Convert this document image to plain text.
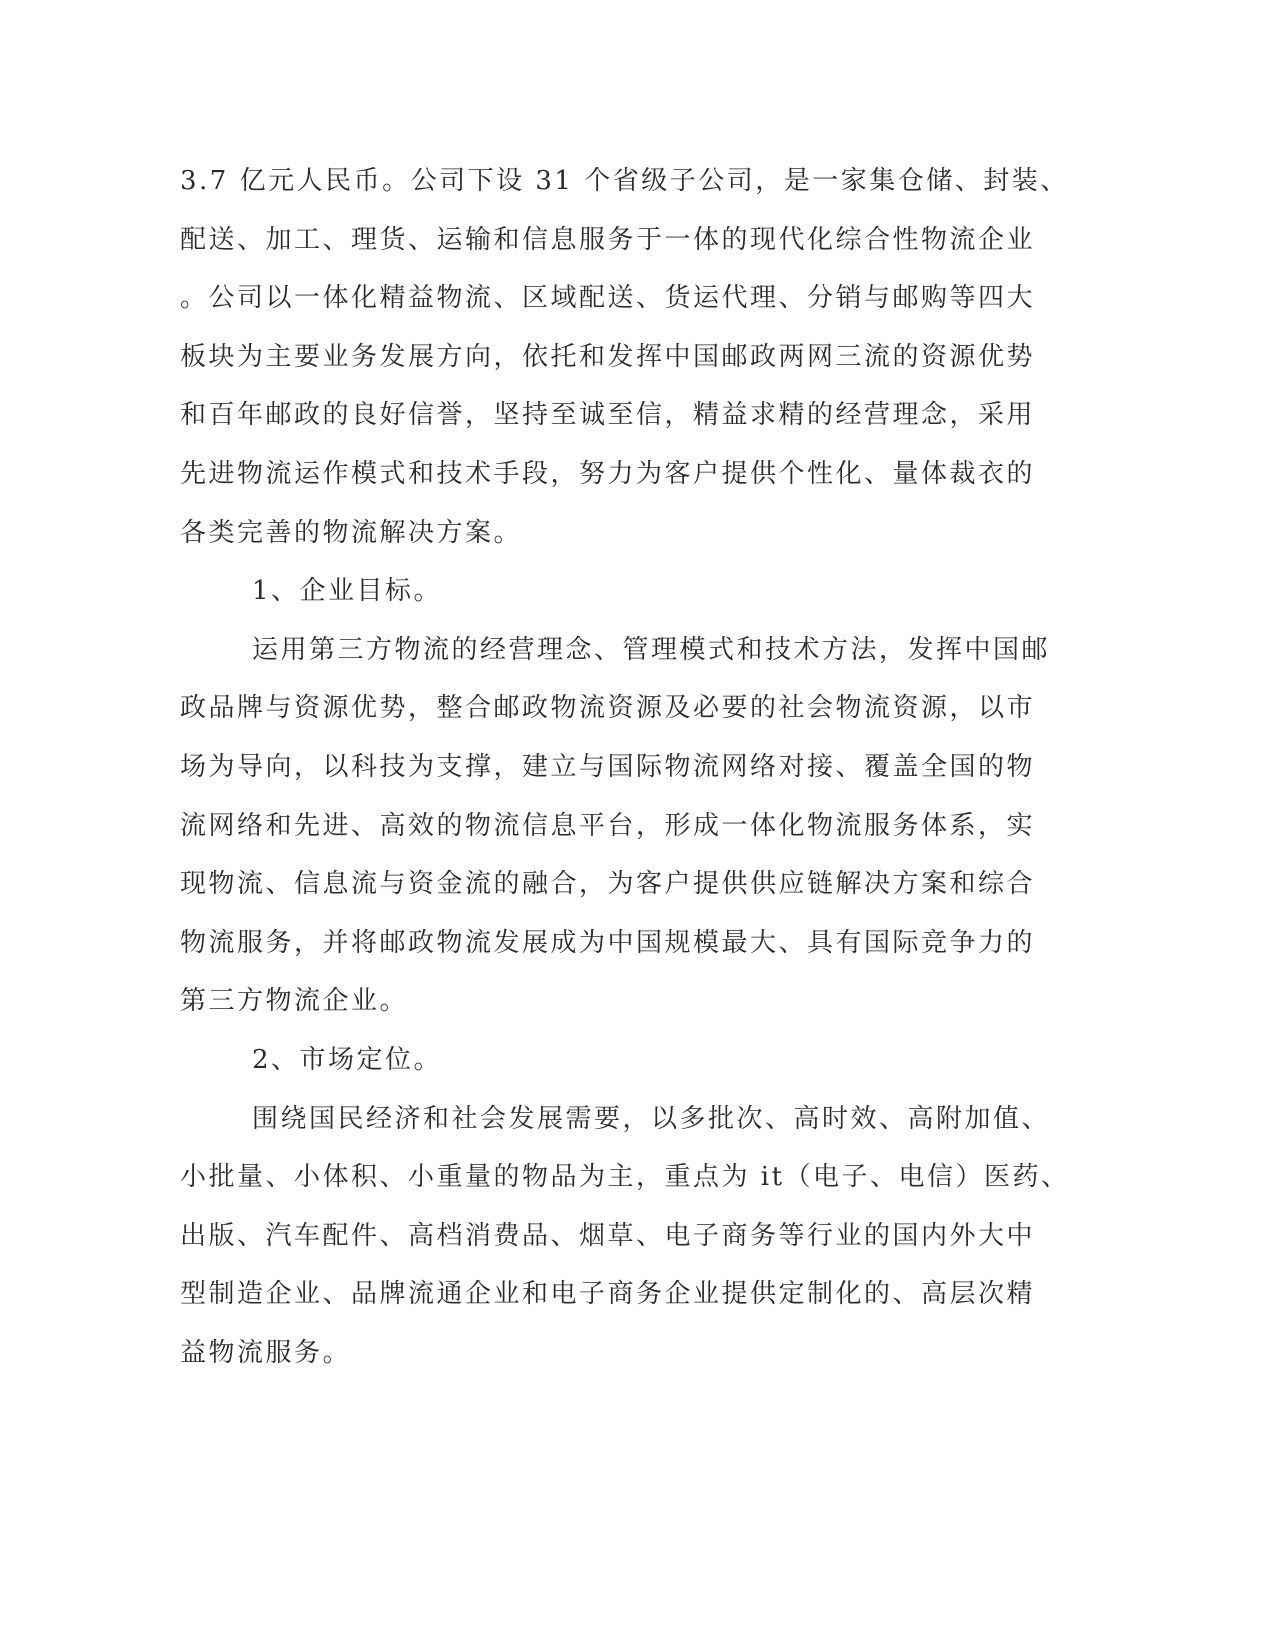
3.7 亿元人民币。公司下设 31 个省级子公司，是一家集仓储、封装、
配送、加工、理货、运输和信息服务于一体的现代化综合性物流企业
。公司以一体化精益物流、区域配送、货运代理、分销与邮购等四大
板块为主要业务发展方向，依托和发挥中国邮政两网三流的资源优势
和百年邮政的良好信誉，坚持至诚至信，精益求精的经营理念，采用
先进物流运作模式和技术手段，努力为客户提供个性化、量体裁衣的
各类完善的物流解决方案。
1、企业目标。
运用第三方物流的经营理念、管理模式和技术方法，发挥中国邮
政品牌与资源优势，整合邮政物流资源及必要的社会物流资源，以市
场为导向，以科技为支撑，建立与国际物流网络对接、覆盖全国的物
流网络和先进、高效的物流信息平台，形成一体化物流服务体系，实
现物流、信息流与资金流的融合，为客户提供供应链解决方案和综合
物流服务，并将邮政物流发展成为中国规模最大、具有国际竞争力的
第三方物流企业。
2、市场定位。
围绕国民经济和社会发展需要，以多批次、高时效、高附加值、
小批量、小体积、小重量的物品为主，重点为 it（电子、电信）医药、
出版、汽车配件、高档消费品、烟草、电子商务等行业的国内外大中
型制造企业、品牌流通企业和电子商务企业提供定制化的、高层次精
益物流服务。
